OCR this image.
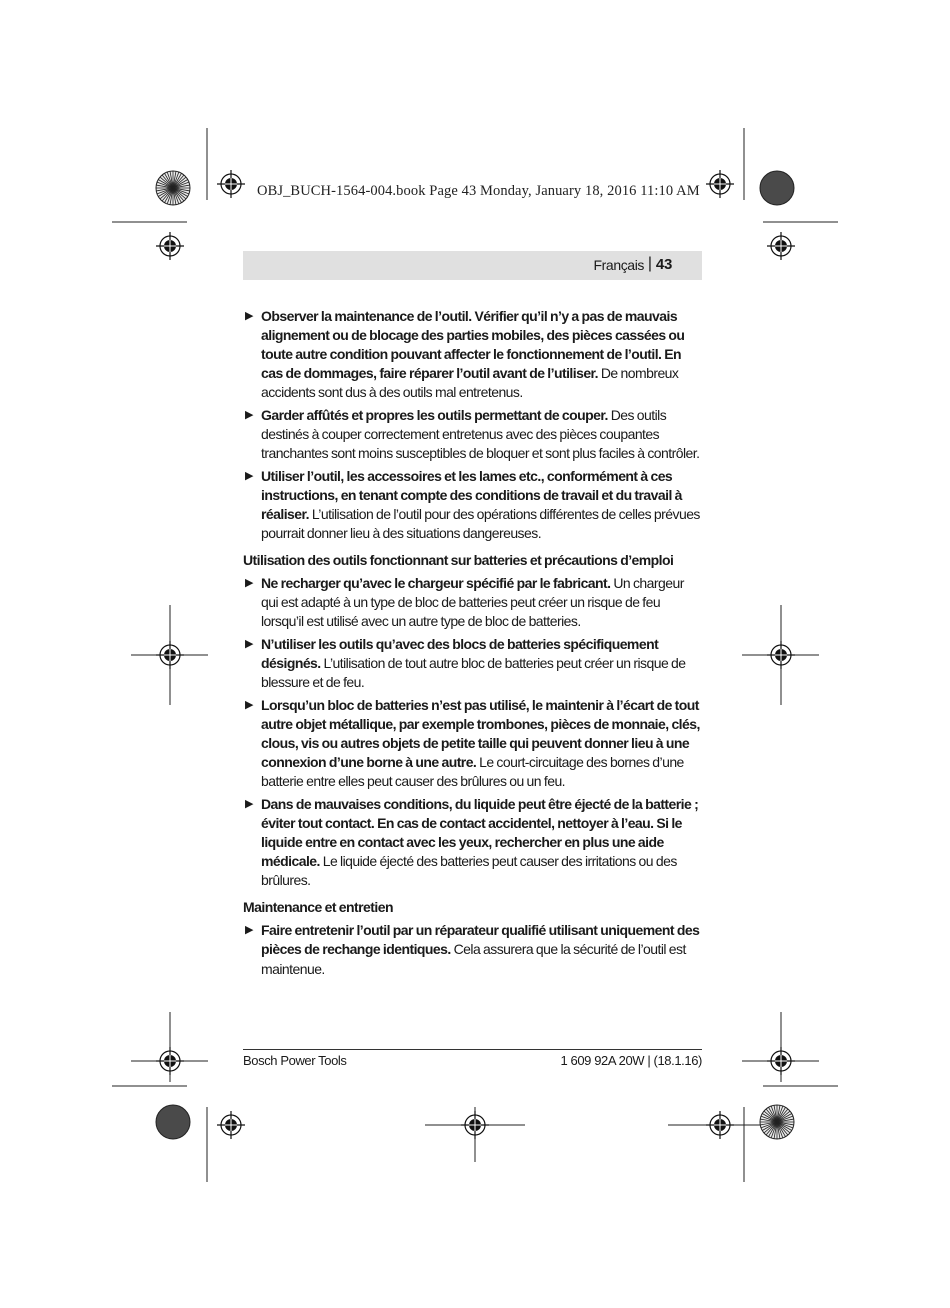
OBJ_BUCH-1564-004.book Page 43 Monday, January 18, 2016 11:10 AM
Français | 43
▶ Observer la maintenance de l’outil. Vérifier qu’il n’y a pas de mauvais alignement ou de blocage des parties mobiles, des pièces cassées ou toute autre condition pouvant affecter le fonctionnement de l’outil. En cas de dommages, faire réparer l’outil avant de l’utiliser. De nombreux accidents sont dus à des outils mal entretenus.
▶ Garder affûtés et propres les outils permettant de couper. Des outils destinés à couper correctement entretenus avec des pièces coupantes tranchantes sont moins susceptibles de bloquer et sont plus faciles à contrôler.
▶ Utiliser l’outil, les accessoires et les lames etc., conformément à ces instructions, en tenant compte des conditions de travail et du travail à réaliser. L’utilisation de l’outil pour des opérations différentes de celles prévues pourrait donner lieu à des situations dangereuses.
Utilisation des outils fonctionnant sur batteries et précautions d’emploi
▶ Ne recharger qu’avec le chargeur spécifié par le fabricant. Un chargeur qui est adapté à un type de bloc de batteries peut créer un risque de feu lorsqu’il est utilisé avec un autre type de bloc de batteries.
▶ N’utiliser les outils qu’avec des blocs de batteries spécifiquement désignés. L’utilisation de tout autre bloc de batteries peut créer un risque de blessure et de feu.
▶ Lorsqu’un bloc de batteries n’est pas utilisé, le maintenir à l’écart de tout autre objet métallique, par exemple trombones, pièces de monnaie, clés, clous, vis ou autres objets de petite taille qui peuvent donner lieu à une connexion d’une borne à une autre. Le court-circuitage des bornes d’une batterie entre elles peut causer des brûlures ou un feu.
▶ Dans de mauvaises conditions, du liquide peut être éjecté de la batterie ; éviter tout contact. En cas de contact accidentel, nettoyer à l’eau. Si le liquide entre en contact avec les yeux, rechercher en plus une aide médicale. Le liquide éjecté des batteries peut causer des irritations ou des brûlures.
Maintenance et entretien
▶ Faire entretenir l’outil par un réparateur qualifié utilisant uniquement des pièces de rechange identiques. Cela assurera que la sécurité de l’outil est maintenue.
Bosch Power Tools	1 609 92A 20W | (18.1.16)
